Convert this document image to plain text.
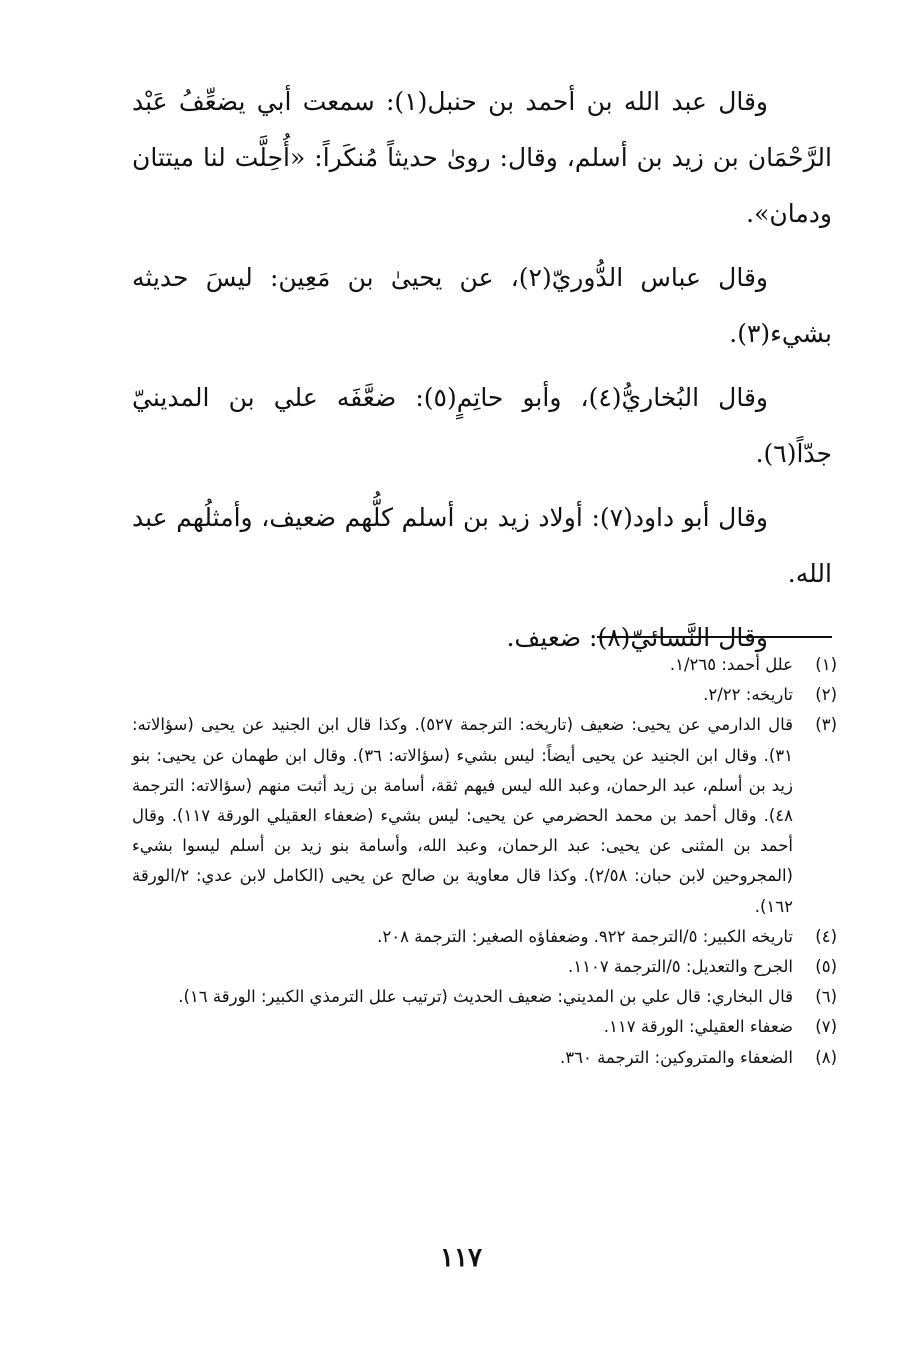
وقال عبد الله بن أحمد بن حنبل(١): سمعت أبي يضعِّفُ عَبْد الرَّحْمَان بن زيد بن أسلم، وقال: روىٰ حديثاً مُنكَراً: «أُحِلَّت لنا ميتتان ودمان».

وقال عباس الدُّوريّ(٢)، عن يحيىٰ بن مَعِين: ليسَ حديثه بشيء(٣).

وقال البُخاريُّ(٤)، وأبو حاتِمٍ(٥): ضعَّفَه علي بن المدينيّ جدّاً(٦).

وقال أبو داود(٧): أولاد زيد بن أسلم كلُّهم ضعيف، وأمثلُهم عبد الله.

وقال النَّسائيّ(٨): ضعيف.

(١)
علل أحمد: ١/٢٦٥.
(٢)
تاريخه: ٢/٢٢.
(٣)
قال الدارمي عن يحيى: ضعيف (تاريخه: الترجمة ٥٢٧). وكذا قال ابن الجنيد عن يحيى (سؤالاته: ٣١). وقال ابن الجنيد عن يحيى أيضاً: ليس بشيء (سؤالاته: ٣٦). وقال ابن طهمان عن يحيى: بنو زيد بن أسلم، عبد الرحمان، وعبد الله ليس فيهم ثقة، أسامة بن زيد أثبت منهم (سؤالاته: الترجمة ٤٨). وقال أحمد بن محمد الحضرمي عن يحيى: ليس بشيء (ضعفاء العقيلي الورقة ١١٧). وقال أحمد بن المثنى عن يحيى: عبد الرحمان، وعبد الله، وأسامة بنو زيد بن أسلم ليسوا بشيء (المجروحين لابن حبان: ٢/٥٨). وكذا قال معاوية بن صالح عن يحيى (الكامل لابن عدي: ٢/الورقة ١٦٢).
(٤)
تاريخه الكبير: ٥/الترجمة ٩٢٢. وضعفاؤه الصغير: الترجمة ٢٠٨.
(٥)
الجرح والتعديل: ٥/الترجمة ١١٠٧.
(٦)
قال البخاري: قال علي بن المديني: ضعيف الحديث (ترتيب علل الترمذي الكبير: الورقة ١٦).
(٧)
ضعفاء العقيلي: الورقة ١١٧.
(٨)
الضعفاء والمتروكين: الترجمة ٣٦٠.
١١٧
